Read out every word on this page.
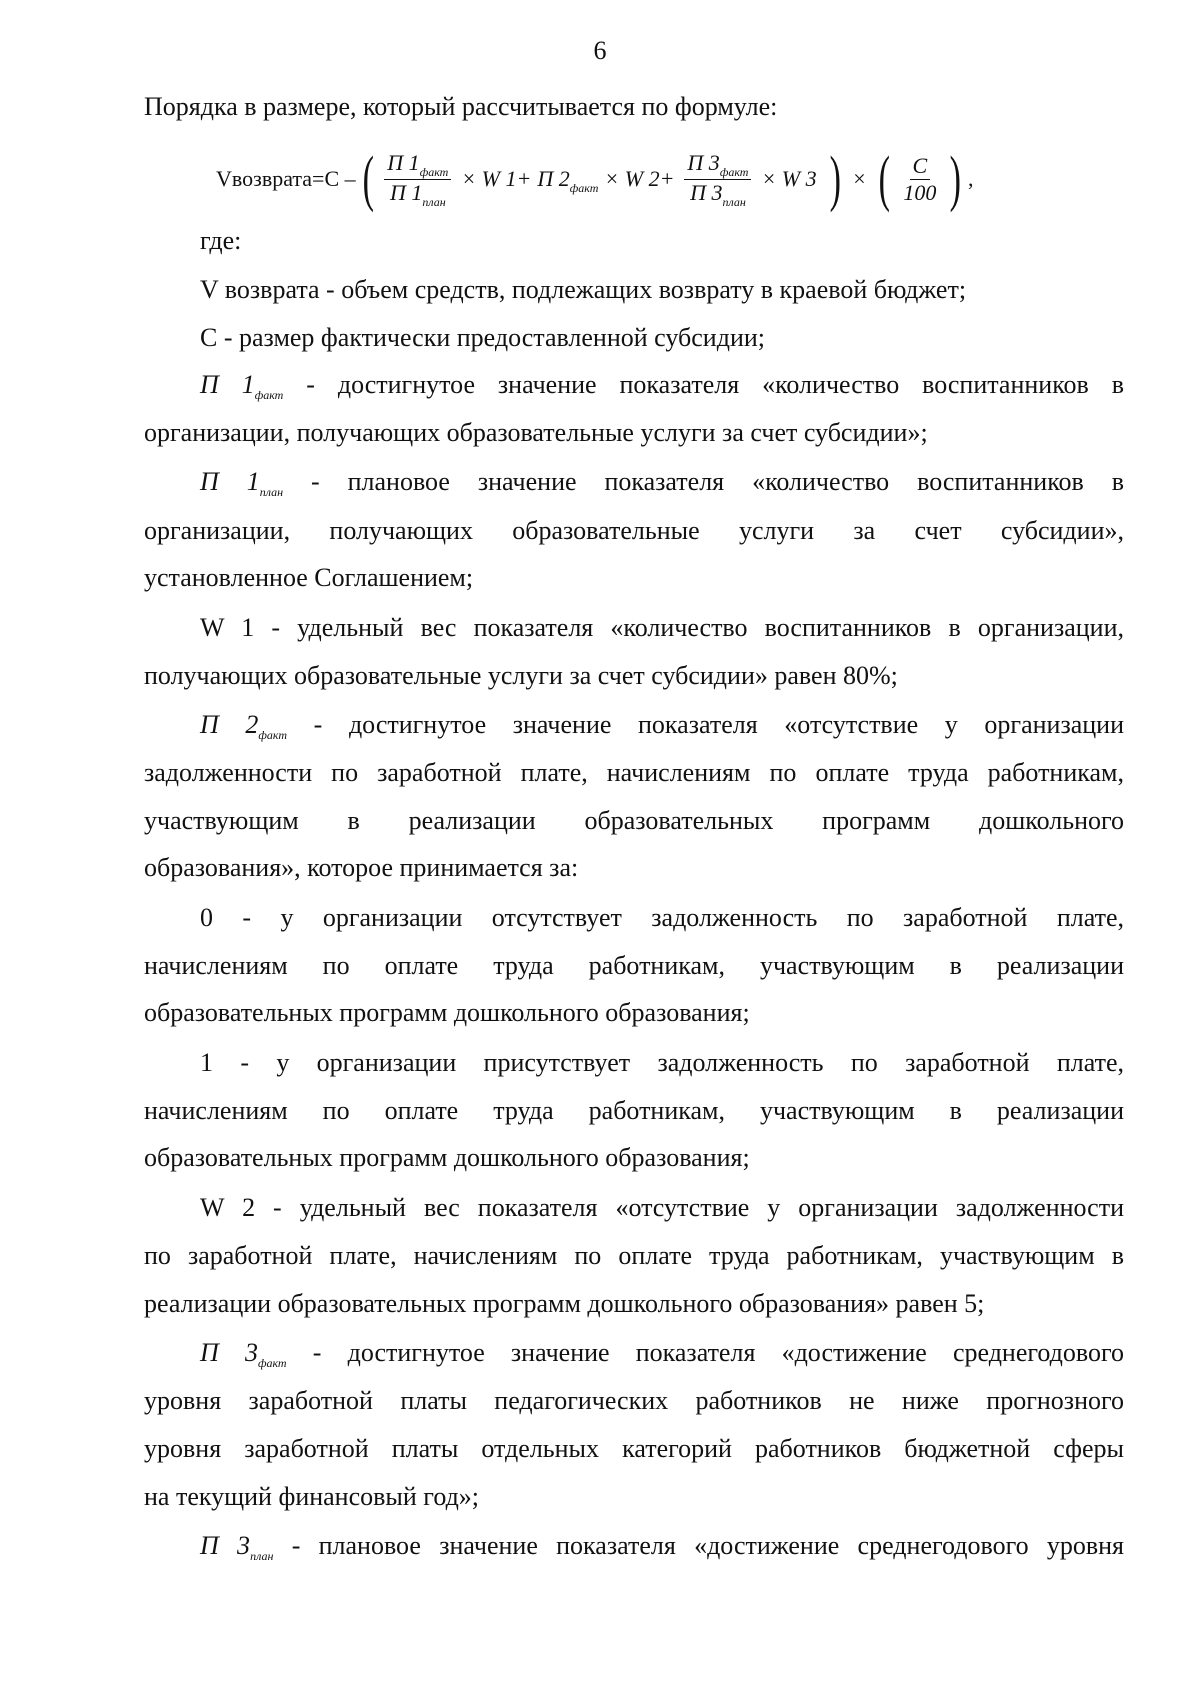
6
Порядка в размере, который рассчитывается по формуле:
Vвозврата=C – ( $\frac{П 1_{факт}}{П 1_{план}} \times W$ 1+ П $2_{факт} \times W$ $2+ \frac{П 3_{факт}}{П 3_{план}} \times W$ 3 ) × ( $\frac{C}{100}$ ) ,
где:
V возврата - объем средств, подлежащих возврату в краевой бюджет;
C - размер фактически предоставленной субсидии;
П $1_{факт}$ - достигнутое значение показателя «количество воспитанников в
организации, получающих образовательные услуги за счет субсидии»;
П $1_{план}$ - плановое значение показателя «количество воспитанников в
организации, получающих образовательные услуги за счет субсидии»,
установленное Соглашением;
W 1 - удельный вес показателя «количество воспитанников в организации,
получающих образовательные услуги за счет субсидии» равен 80%;
П $2_{факт}$ - достигнутое значение показателя «отсутствие у организации
задолженности по заработной плате, начислениям по оплате труда работникам,
участвующим в реализации образовательных программ дошкольного
образования», которое принимается за:
0 - у организации отсутствует задолженность по заработной плате,
начислениям по оплате труда работникам, участвующим в реализации
образовательных программ дошкольного образования;
1 - у организации присутствует задолженность по заработной плате,
начислениям по оплате труда работникам, участвующим в реализации
образовательных программ дошкольного образования;
W 2 - удельный вес показателя «отсутствие у организации задолженности
по заработной плате, начислениям по оплате труда работникам, участвующим в
реализации образовательных программ дошкольного образования» равен 5;
П $3_{факт}$ - достигнутое значение показателя «достижение среднегодового
уровня заработной платы педагогических работников не ниже прогнозного
уровня заработной платы отдельных категорий работников бюджетной сферы
на текущий финансовый год»;
П $3_{план}$ - плановое значение показателя «достижение среднегодового уровня
